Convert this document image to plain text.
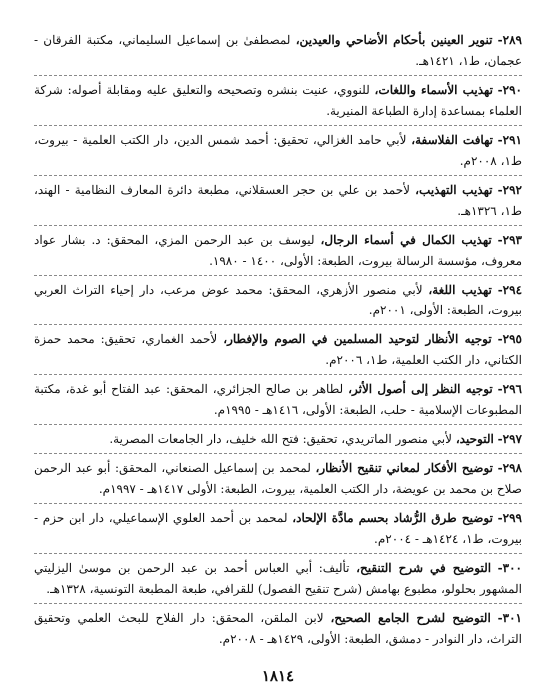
٢٨٩- تنوير العينين بأحكام الأضاحي والعيدين، لمصطفىٰ بن إسماعيل السليماني، مكتبة الفرقان - عجمان، ط١، ١٤٢١هـ.

٢٩٠- تهذيب الأسماء واللغات، للنووي، عنيت بنشره وتصحيحه والتعليق عليه ومقابلة أصوله: شركة العلماء بمساعدة إدارة الطباعة المنيرية.

٢٩١- تهافت الفلاسفة، لأبي حامد الغزالي، تحقيق: أحمد شمس الدين، دار الكتب العلمية - بيروت، ط١، ٢٠٠٨م.

٢٩٢- تهذيب التهذيب، لأحمد بن علي بن حجر العسقلاني، مطبعة دائرة المعارف النظامية - الهند، ط١، ١٣٢٦هـ.

٢٩٣- تهذيب الكمال في أسماء الرجال، ليوسف بن عبد الرحمن المزي، المحقق: د. بشار عواد معروف، مؤسسة الرسالة بيروت، الطبعة: الأولى، ١٤٠٠ - ١٩٨٠.

٢٩٤- تهذيب اللغة، لأبي منصور الأزهري، المحقق: محمد عوض مرعب، دار إحياء التراث العربي بيروت، الطبعة: الأولى، ٢٠٠١م.

٢٩٥- توجيه الأنظار لتوحيد المسلمين في الصوم والإفطار، لأحمد الغماري، تحقيق: محمد حمزة الكتاني، دار الكتب العلمية، ط١، ٢٠٠٦م.

٢٩٦- توجيه النظر إلى أصول الأثر، لطاهر بن صالح الجزائري، المحقق: عبد الفتاح أبو غدة، مكتبة المطبوعات الإسلامية - حلب، الطبعة: الأولى، ١٤١٦هـ - ١٩٩٥م.

٢٩٧- التوحيد، لأبي منصور الماتريدي، تحقيق: فتح الله خليف، دار الجامعات المصرية.

٢٩٨- توضيح الأفكار لمعاني تنقيح الأنظار، لمحمد بن إسماعيل الصنعاني، المحقق: أبو عبد الرحمن صلاح بن محمد بن عويضة، دار الكتب العلمية، بيروت، الطبعة: الأولى ١٤١٧هـ - ١٩٩٧م.

٢٩٩- توضيح طرق الرُّشاد بحسم مادَّة الإلحاد، لمحمد بن أحمد العلوي الإسماعيلي، دار ابن حزم - بيروت، ط١، ١٤٢٤هـ - ٢٠٠٤م.

٣٠٠- التوضيح في شرح التنقيح، تأليف: أبي العباس أحمد بن عبد الرحمن بن موسىٰ اليزليتي المشهور بحلولو، مطبوع بهامش (شرح تنقيح الفصول) للقرافي، طبعة المطبعة التونسية، ١٣٢٨هـ.

٣٠١- التوضيح لشرح الجامع الصحيح، لابن الملقن، المحقق: دار الفلاح للبحث العلمي وتحقيق التراث، دار النوادر - دمشق، الطبعة: الأولى، ١٤٢٩هـ - ٢٠٠٨م.

١٨١٤
